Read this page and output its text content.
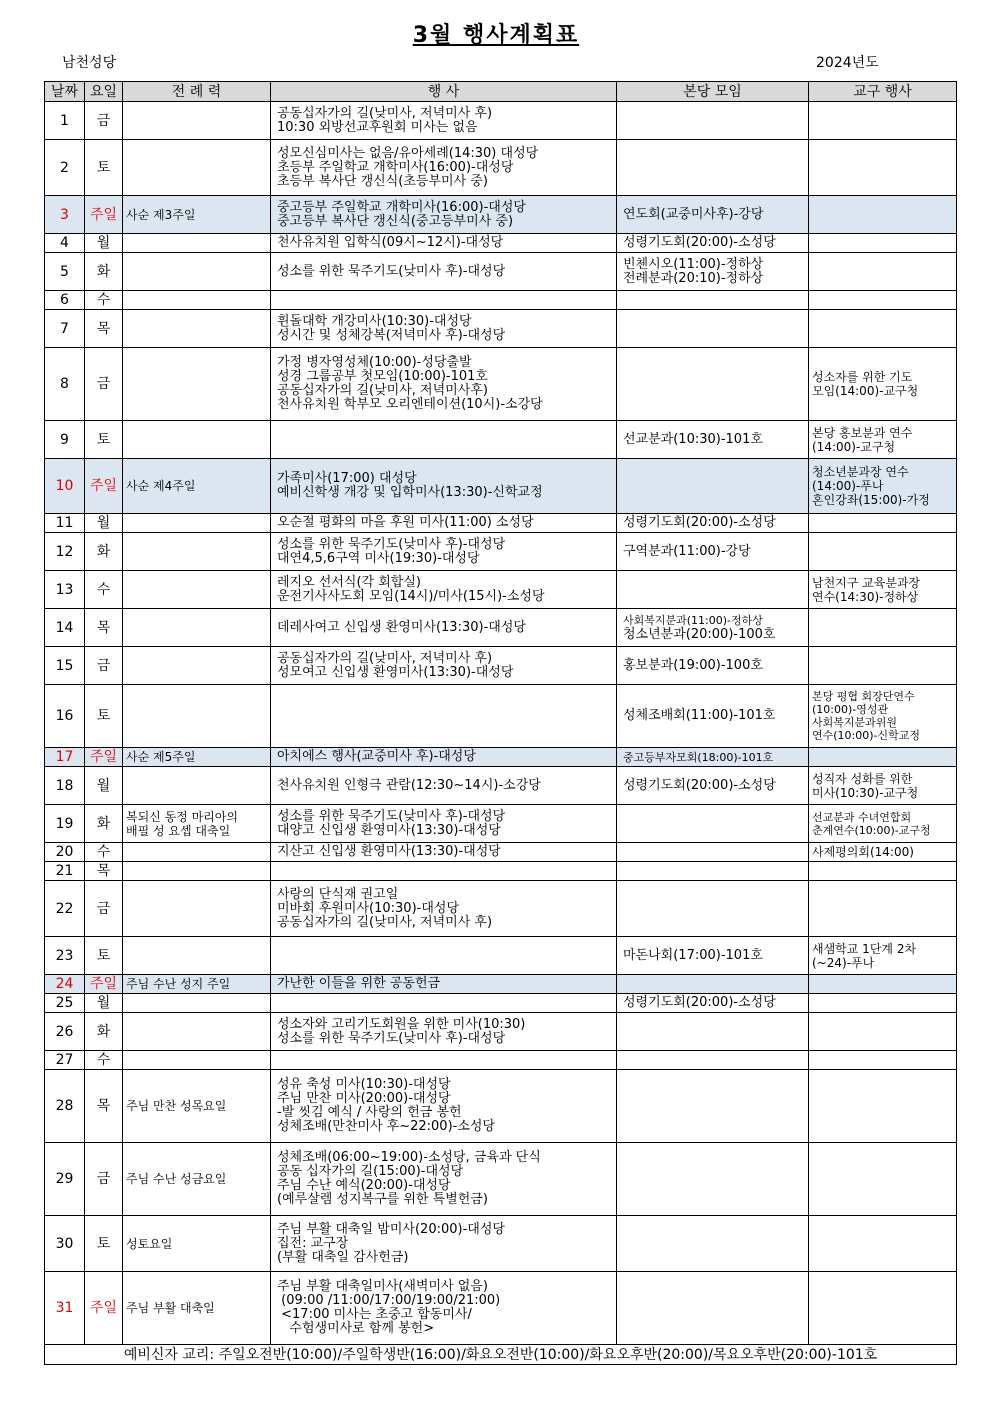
3월 행사계획표
남천성당	2024년도
날짜	요일	전 례 력	행 사	본당 모임	교구 행사
1	금		공동십자가의 길(낮미사, 저녁미사 후)
10:30 외방선교후원회 미사는 없음		

2	토		성모신심미사는 없음/유아세례(14:30) 대성당
초등부 주일학교 개학미사(16:00)-대성당
초등부 복사단 갱신식(초등부미사 중)		

3	주일	사순 제3주일	중고등부 주일학교 개학미사(16:00)-대성당
중고등부 복사단 갱신식(중고등부미사 중)	연도회(교중미사후)-강당	

4	월		천사유치원 입학식(09시~12시)-대성당	성령기도회(20:00)-소성당	

5	화		성소를 위한 묵주기도(낮미사 후)-대성당	빈첸시오(11:00)-정하상
전례분과(20:10)-정하상	

6	수				
7	목		휜돌대학 개강미사(10:30)-대성당
성시간 및 성체강복(저녁미사 후)-대성당		

8	금		가정 병자영성체(10:00)-성당출발
성경 그룹공부 첫모임(10:00)-101호
공동십자가의 길(낮미사, 저녁미사후)
천사유치원 학부모 오리엔테이션(10시)-소강당		성소자를 위한 기도
모임(14:00)-교구청

9	토			선교분과(10:30)-101호	본당 홍보분과 연수
(14:00)-교구청

10	주일	사순 제4주일	가족미사(17:00) 대성당
예비신학생 개강 및 입학미사(13:30)-신학교정		청소년분과장 연수
(14:00)-푸나
혼인강좌(15:00)-가정

11	월		오순절 평화의 마을 후원 미사(11:00) 소성당	성령기도회(20:00)-소성당	

12	화		성소를 위한 묵주기도(낮미사 후)-대성당
대연4,5,6구역 미사(19:30)-대성당	구역분과(11:00)-강당	

13	수		레지오 선서식(각 회합실)
운전기사사도회 모임(14시)/미사(15시)-소성당		남천지구 교육분과장
연수(14:30)-정하상

14	목		데레사여고 신입생 환영미사(13:30)-대성당	사회복지분과(11:00)-정하상
청소년분과(20:00)-100호	

15	금		공동십자가의 길(낮미사, 저녁미사 후)
성모여고 신입생 환영미사(13:30)-대성당	홍보분과(19:00)-100호	

16	토			성체조배회(11:00)-101호	본당 평협 회장단연수
(10:00)-영성관
사회복지분과위원
연수(10:00)-신학교정

17	주일	사순 제5주일	아치에스 행사(교중미사 후)-대성당	중고등부자모회(18:00)-101호	

18	월		천사유치원 인형극 관람(12:30~14시)-소강당	성령기도회(20:00)-소성당	성직자 성화를 위한
미사(10:30)-교구청

19	화	복되신 동정 마리아의
배필 성 요셉 대축일	성소를 위한 묵주기도(낮미사 후)-대성당
대양고 신입생 환영미사(13:30)-대성당		선교분과 수녀연합회
춘계연수(10:00)-교구청

20	수		지산고 신입생 환영미사(13:30)-대성당		사제평의회(14:00)

21	목				
22	금		사랑의 단식재 권고일
미바회 후원미사(10:30)-대성당
공동십자가의 길(낮미사, 저녁미사 후)		

23	토			마돈나회(17:00)-101호	새샘학교 1단계 2차
(~24)-푸나

24	주일	주님 수난 성지 주일	가난한 이들을 위한 공동헌금		

25	월			성령기도회(20:00)-소성당	

26	화		성소자와 고리기도회원을 위한 미사(10:30)
성소를 위한 묵주기도(낮미사 후)-대성당		

27	수				
28	목	주님 만찬 성목요일	성유 축성 미사(10:30)-대성당
주님 만찬 미사(20:00)-대성당
-발 씻김 예식 / 사랑의 헌금 봉헌
성체조배(만찬미사 후~22:00)-소성당		

29	금	주님 수난 성금요일	성체조배(06:00~19:00)-소성당, 금육과 단식
공동 십자가의 길(15:00)-대성당
주님 수난 예식(20:00)-대성당
(예루살렘 성지복구를 위한 특별헌금)		

30	토	성토요일	주님 부활 대축일 밤미사(20:00)-대성당
집전: 교구장
(부활 대축일 감사헌금)		

31	주일	주님 부활 대축일	주님 부활 대축일미사(새벽미사 없음)
(09:00 /11:00/17:00/19:00/21:00)
<17:00 미사는 초중고 합동미사/
수험생미사로 함께 봉헌>		

예비신자 교리: 주일오전반(10:00)/주일학생반(16:00)/화요오전반(10:00)/화요오후반(20:00)/목요오후반(20:00)-101호					
